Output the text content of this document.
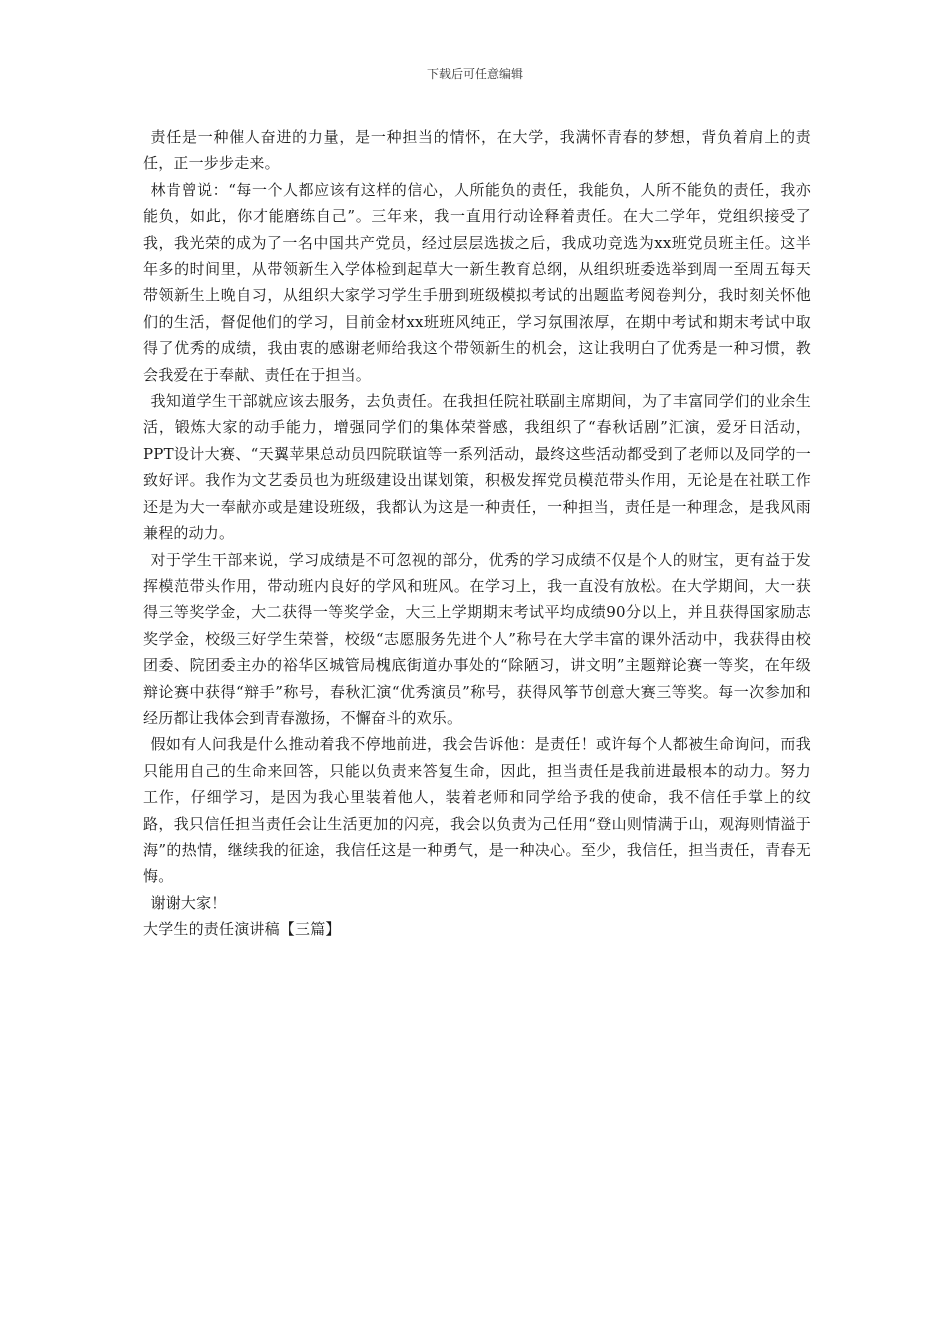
下载后可任意编辑

责任是一种催人奋进的力量，是一种担当的情怀，在大学，我满怀青春的梦想，背负着肩上的责任，正一步步走来。

林肯曾说：“每一个人都应该有这样的信心，人所能负的责任，我能负，人所不能负的责任，我亦能负，如此，你才能磨练自己”。三年来，我一直用行动诠释着责任。在大二学年，党组织接受了我，我光荣的成为了一名中国共产党员，经过层层选拔之后，我成功竞选为xx班党员班主任。这半年多的时间里，从带领新生入学体检到起草大一新生教育总纲，从组织班委选举到周一至周五每天带领新生上晚自习，从组织大家学习学生手册到班级模拟考试的出题监考阅卷判分，我时刻关怀他们的生活，督促他们的学习，目前金材xx班班风纯正，学习氛围浓厚，在期中考试和期末考试中取得了优秀的成绩，我由衷的感谢老师给我这个带领新生的机会，这让我明白了优秀是一种习惯，教会我爱在于奉献、责任在于担当。

我知道学生干部就应该去服务，去负责任。在我担任院社联副主席期间，为了丰富同学们的业余生活，锻炼大家的动手能力，增强同学们的集体荣誉感，我组织了“春秋话剧”汇演，爱牙日活动，PPT设计大赛、“天翼苹果总动员四院联谊等一系列活动，最终这些活动都受到了老师以及同学的一致好评。我作为文艺委员也为班级建设出谋划策，积极发挥党员模范带头作用，无论是在社联工作还是为大一奉献亦或是建设班级，我都认为这是一种责任，一种担当，责任是一种理念，是我风雨兼程的动力。

对于学生干部来说，学习成绩是不可忽视的部分，优秀的学习成绩不仅是个人的财宝，更有益于发挥模范带头作用，带动班内良好的学风和班风。在学习上，我一直没有放松。在大学期间，大一获得三等奖学金，大二获得一等奖学金，大三上学期期末考试平均成绩90分以上，并且获得国家励志奖学金，校级三好学生荣誉，校级“志愿服务先进个人”称号在大学丰富的课外活动中，我获得由校团委、院团委主办的裕华区城管局槐底街道办事处的“除陋习，讲文明”主题辩论赛一等奖，在年级辩论赛中获得“辩手”称号，春秋汇演“优秀演员”称号，获得风筝节创意大赛三等奖。每一次参加和经历都让我体会到青春激扬，不懈奋斗的欢乐。

假如有人问我是什么推动着我不停地前进，我会告诉他：是责任！或许每个人都被生命询问，而我只能用自己的生命来回答，只能以负责来答复生命，因此，担当责任是我前进最根本的动力。努力工作，仔细学习，是因为我心里装着他人，装着老师和同学给予我的使命，我不信任手掌上的纹路，我只信任担当责任会让生活更加的闪亮，我会以负责为己任用“登山则情满于山，观海则情溢于海”的热情，继续我的征途，我信任这是一种勇气，是一种决心。至少，我信任，担当责任，青春无悔。

谢谢大家！

大学生的责任演讲稿【三篇】
